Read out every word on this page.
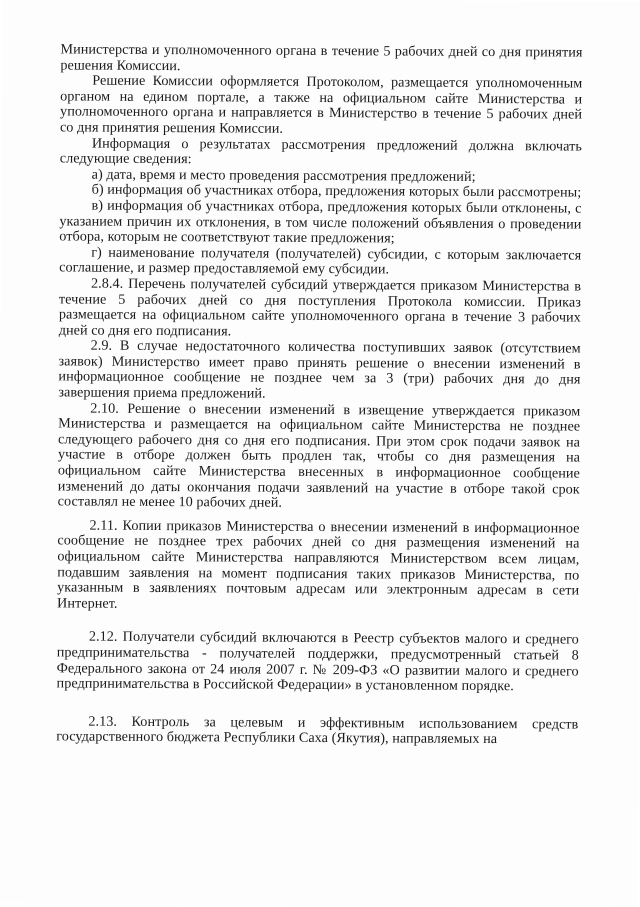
Министерства и уполномоченного органа в течение 5 рабочих дней со дня принятия решения Комиссии.

Решение Комиссии оформляется Протоколом, размещается уполномоченным органом на едином портале, а также на официальном сайте Министерства и уполномоченного органа и направляется в Министерство в течение 5 рабочих дней со дня принятия решения Комиссии.

Информация о результатах рассмотрения предложений должна включать следующие сведения:

а) дата, время и место проведения рассмотрения предложений;

б) информация об участниках отбора, предложения которых были рассмотрены;

в) информация об участниках отбора, предложения которых были отклонены, с указанием причин их отклонения, в том числе положений объявления о проведении отбора, которым не соответствуют такие предложения;

г) наименование получателя (получателей) субсидии, с которым заключается соглашение, и размер предоставляемой ему субсидии.

2.8.4. Перечень получателей субсидий утверждается приказом Министерства в течение 5 рабочих дней со дня поступления Протокола комиссии. Приказ размещается на официальном сайте уполномоченного органа в течение 3 рабочих дней со дня его подписания.

2.9. В случае недостаточного количества поступивших заявок (отсутствием заявок) Министерство имеет право принять решение о внесении изменений в информационное сообщение не позднее чем за 3 (три) рабочих дня до дня завершения приема предложений.

2.10. Решение о внесении изменений в извещение утверждается приказом Министерства и размещается на официальном сайте Министерства не позднее следующего рабочего дня со дня его подписания. При этом срок подачи заявок на участие в отборе должен быть продлен так, чтобы со дня размещения на официальном сайте Министерства внесенных в информационное сообщение изменений до даты окончания подачи заявлений на участие в отборе такой срок составлял не менее 10 рабочих дней.

2.11. Копии приказов Министерства о внесении изменений в информационное сообщение не позднее трех рабочих дней со дня размещения изменений на официальном сайте Министерства направляются Министерством всем лицам, подавшим заявления на момент подписания таких приказов Министерства, по указанным в заявлениях почтовым адресам или электронным адресам в сети Интернет.

2.12. Получатели субсидий включаются в Реестр субъектов малого и среднего предпринимательства - получателей поддержки, предусмотренный статьей 8 Федерального закона от 24 июля 2007 г. № 209-ФЗ «О развитии малого и среднего предпринимательства в Российской Федерации» в установленном порядке.

2.13. Контроль за целевым и эффективным использованием средств государственного бюджета Республики Саха (Якутия), направляемых на
